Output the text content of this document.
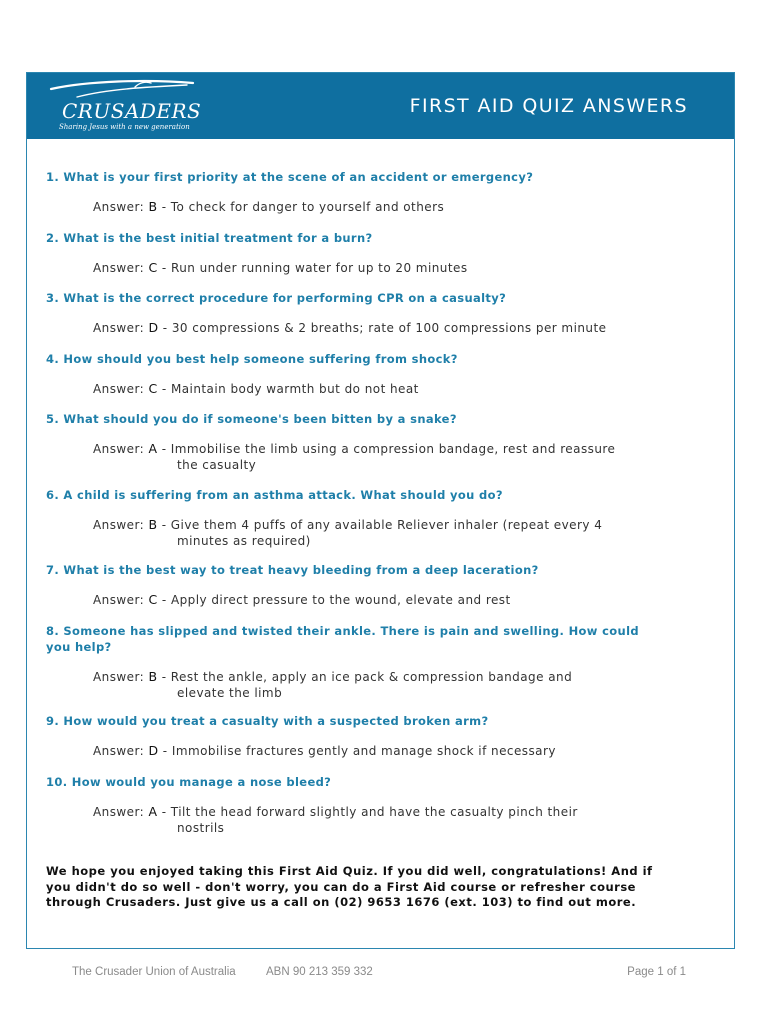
CRUSADERS
Sharing Jesus with a new generation
FIRST AID QUIZ ANSWERS
1. What is your first priority at the scene of an accident or emergency?
Answer: B - To check for danger to yourself and others
2. What is the best initial treatment for a burn?
Answer: C - Run under running water for up to 20 minutes
3. What is the correct procedure for performing CPR on a casualty?
Answer: D - 30 compressions & 2 breaths; rate of 100 compressions per minute
4. How should you best help someone suffering from shock?
Answer: C - Maintain body warmth but do not heat
5. What should you do if someone's been bitten by a snake?
Answer: A - Immobilise the limb using a compression bandage, rest and reassure
the casualty
6. A child is suffering from an asthma attack. What should you do?
Answer: B - Give them 4 puffs of any available Reliever inhaler (repeat every 4
minutes as required)
7. What is the best way to treat heavy bleeding from a deep laceration?
Answer: C - Apply direct pressure to the wound, elevate and rest
8. Someone has slipped and twisted their ankle. There is pain and swelling. How could you help?
Answer: B - Rest the ankle, apply an ice pack & compression bandage and
elevate the limb
9. How would you treat a casualty with a suspected broken arm?
Answer: D - Immobilise fractures gently and manage shock if necessary
10. How would you manage a nose bleed?
Answer: A - Tilt the head forward slightly and have the casualty pinch their
nostrils
We hope you enjoyed taking this First Aid Quiz. If you did well, congratulations! And if you didn't do so well - don't worry, you can do a First Aid course or refresher course through Crusaders. Just give us a call on (02) 9653 1676 (ext. 103) to find out more.
The Crusader Union of Australia	ABN 90 213 359 332	Page 1 of 1
